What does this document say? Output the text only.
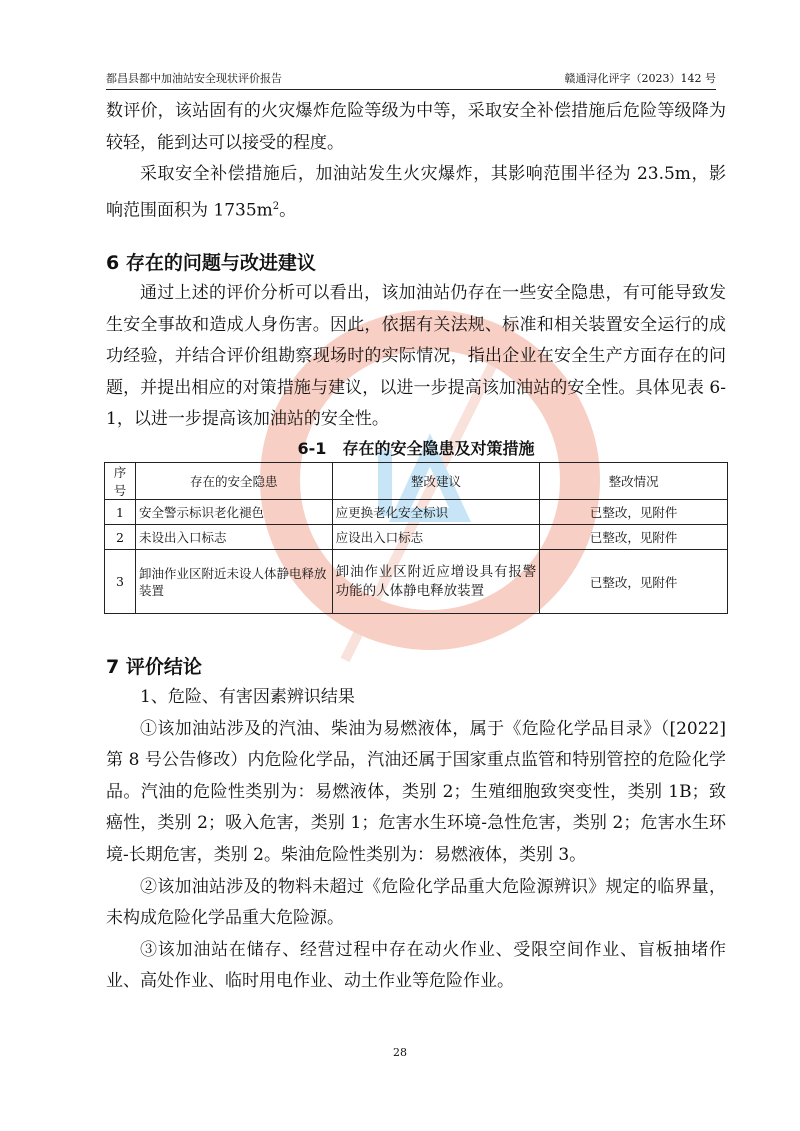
都昌县都中加油站安全现状评价报告	赣通浔化评字（2023）142 号

数评价，该站固有的火灾爆炸危险等级为中等，采取安全补偿措施后危险等级降为较轻，能到达可以接受的程度。

采取安全补偿措施后，加油站发生火灾爆炸，其影响范围半径为 23.5m，影响范围面积为 $1735m^2$。

6 存在的问题与改进建议

通过上述的评价分析可以看出，该加油站仍存在一些安全隐患，有可能导致发生安全事故和造成人身伤害。因此，依据有关法规、标准和相关装置安全运行的成功经验，并结合评价组勘察现场时的实际情况，指出企业在安全生产方面存在的问题，并提出相应的对策措施与建议，以进一步提高该加油站的安全性。具体见表 6-1，以进一步提高该加油站的安全性。

6-1　存在的安全隐患及对策措施

序号	存在的安全隐患	整改建议	整改情况
1	安全警示标识老化褪色	应更换老化安全标识	已整改，见附件
2	未设出入口标志	应设出入口标志	已整改，见附件
3	卸油作业区附近未设人体静电释放装置	卸油作业区附近应增设具有报警功能的人体静电释放装置	已整改，见附件

7 评价结论

1、危险、有害因素辨识结果

①该加油站涉及的汽油、柴油为易燃液体，属于《危险化学品目录》（[2022]第 8 号公告修改）内危险化学品，汽油还属于国家重点监管和特别管控的危险化学品。汽油的危险性类别为：易燃液体，类别 2；生殖细胞致突变性，类别 1B；致癌性，类别 2；吸入危害，类别 1；危害水生环境-急性危害，类别 2；危害水生环境-长期危害，类别 2。柴油危险性类别为：易燃液体，类别 3。

②该加油站涉及的物料未超过《危险化学品重大危险源辨识》规定的临界量，未构成危险化学品重大危险源。

③该加油站在储存、经营过程中存在动火作业、受限空间作业、盲板抽堵作业、高处作业、临时用电作业、动土作业等危险作业。

28
